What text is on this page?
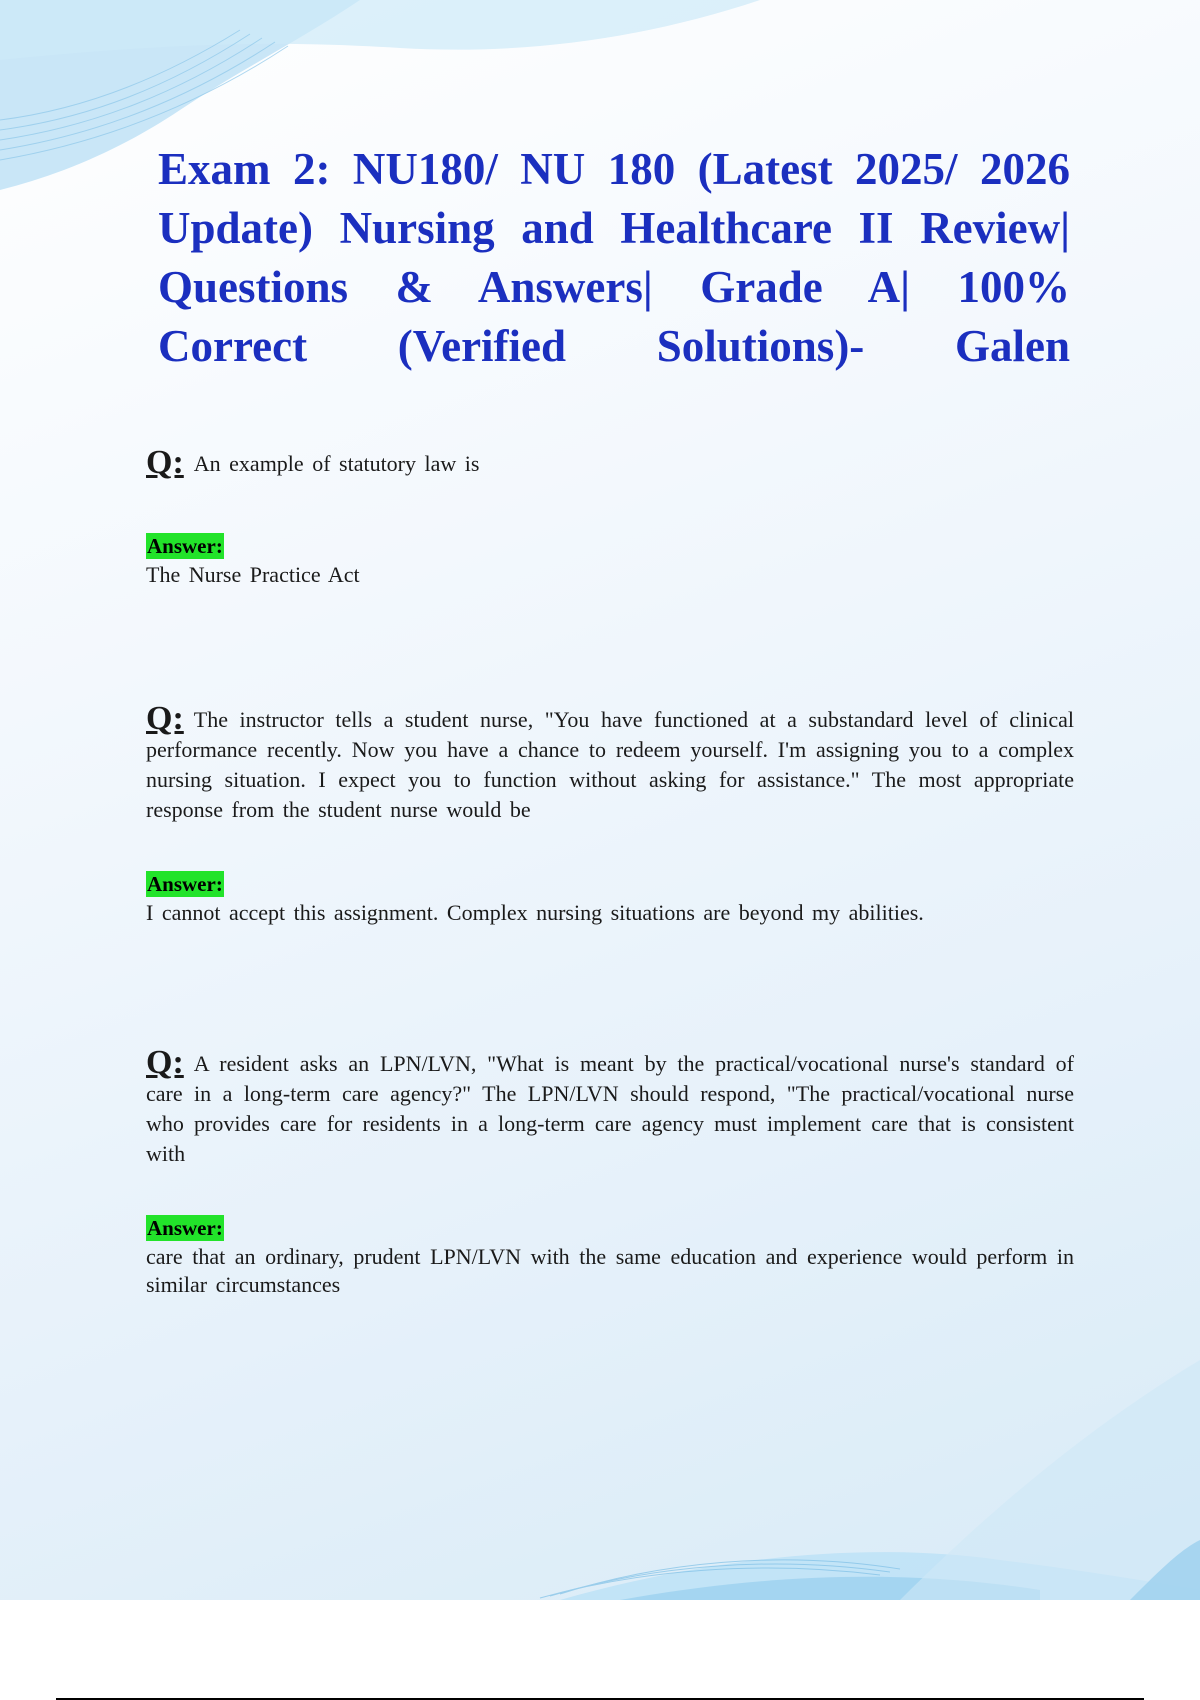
Exam 2: NU180/ NU 180 (Latest 2025/ 2026 Update) Nursing and Healthcare II Review| Questions & Answers| Grade A| 100% Correct (Verified Solutions)- Galen
Q: An example of statutory law is
Answer:
The Nurse Practice Act
Q: The instructor tells a student nurse, "You have functioned at a substandard level of clinical performance recently. Now you have a chance to redeem yourself. I'm assigning you to a complex nursing situation. I expect you to function without asking for assistance." The most appropriate response from the student nurse would be
Answer:
I cannot accept this assignment. Complex nursing situations are beyond my abilities.
Q: A resident asks an LPN/LVN, "What is meant by the practical/vocational nurse's standard of care in a long-term care agency?" The LPN/LVN should respond, "The practical/vocational nurse who provides care for residents in a long-term care agency must implement care that is consistent with
Answer:
care that an ordinary, prudent LPN/LVN with the same education and experience would perform in similar circumstances
